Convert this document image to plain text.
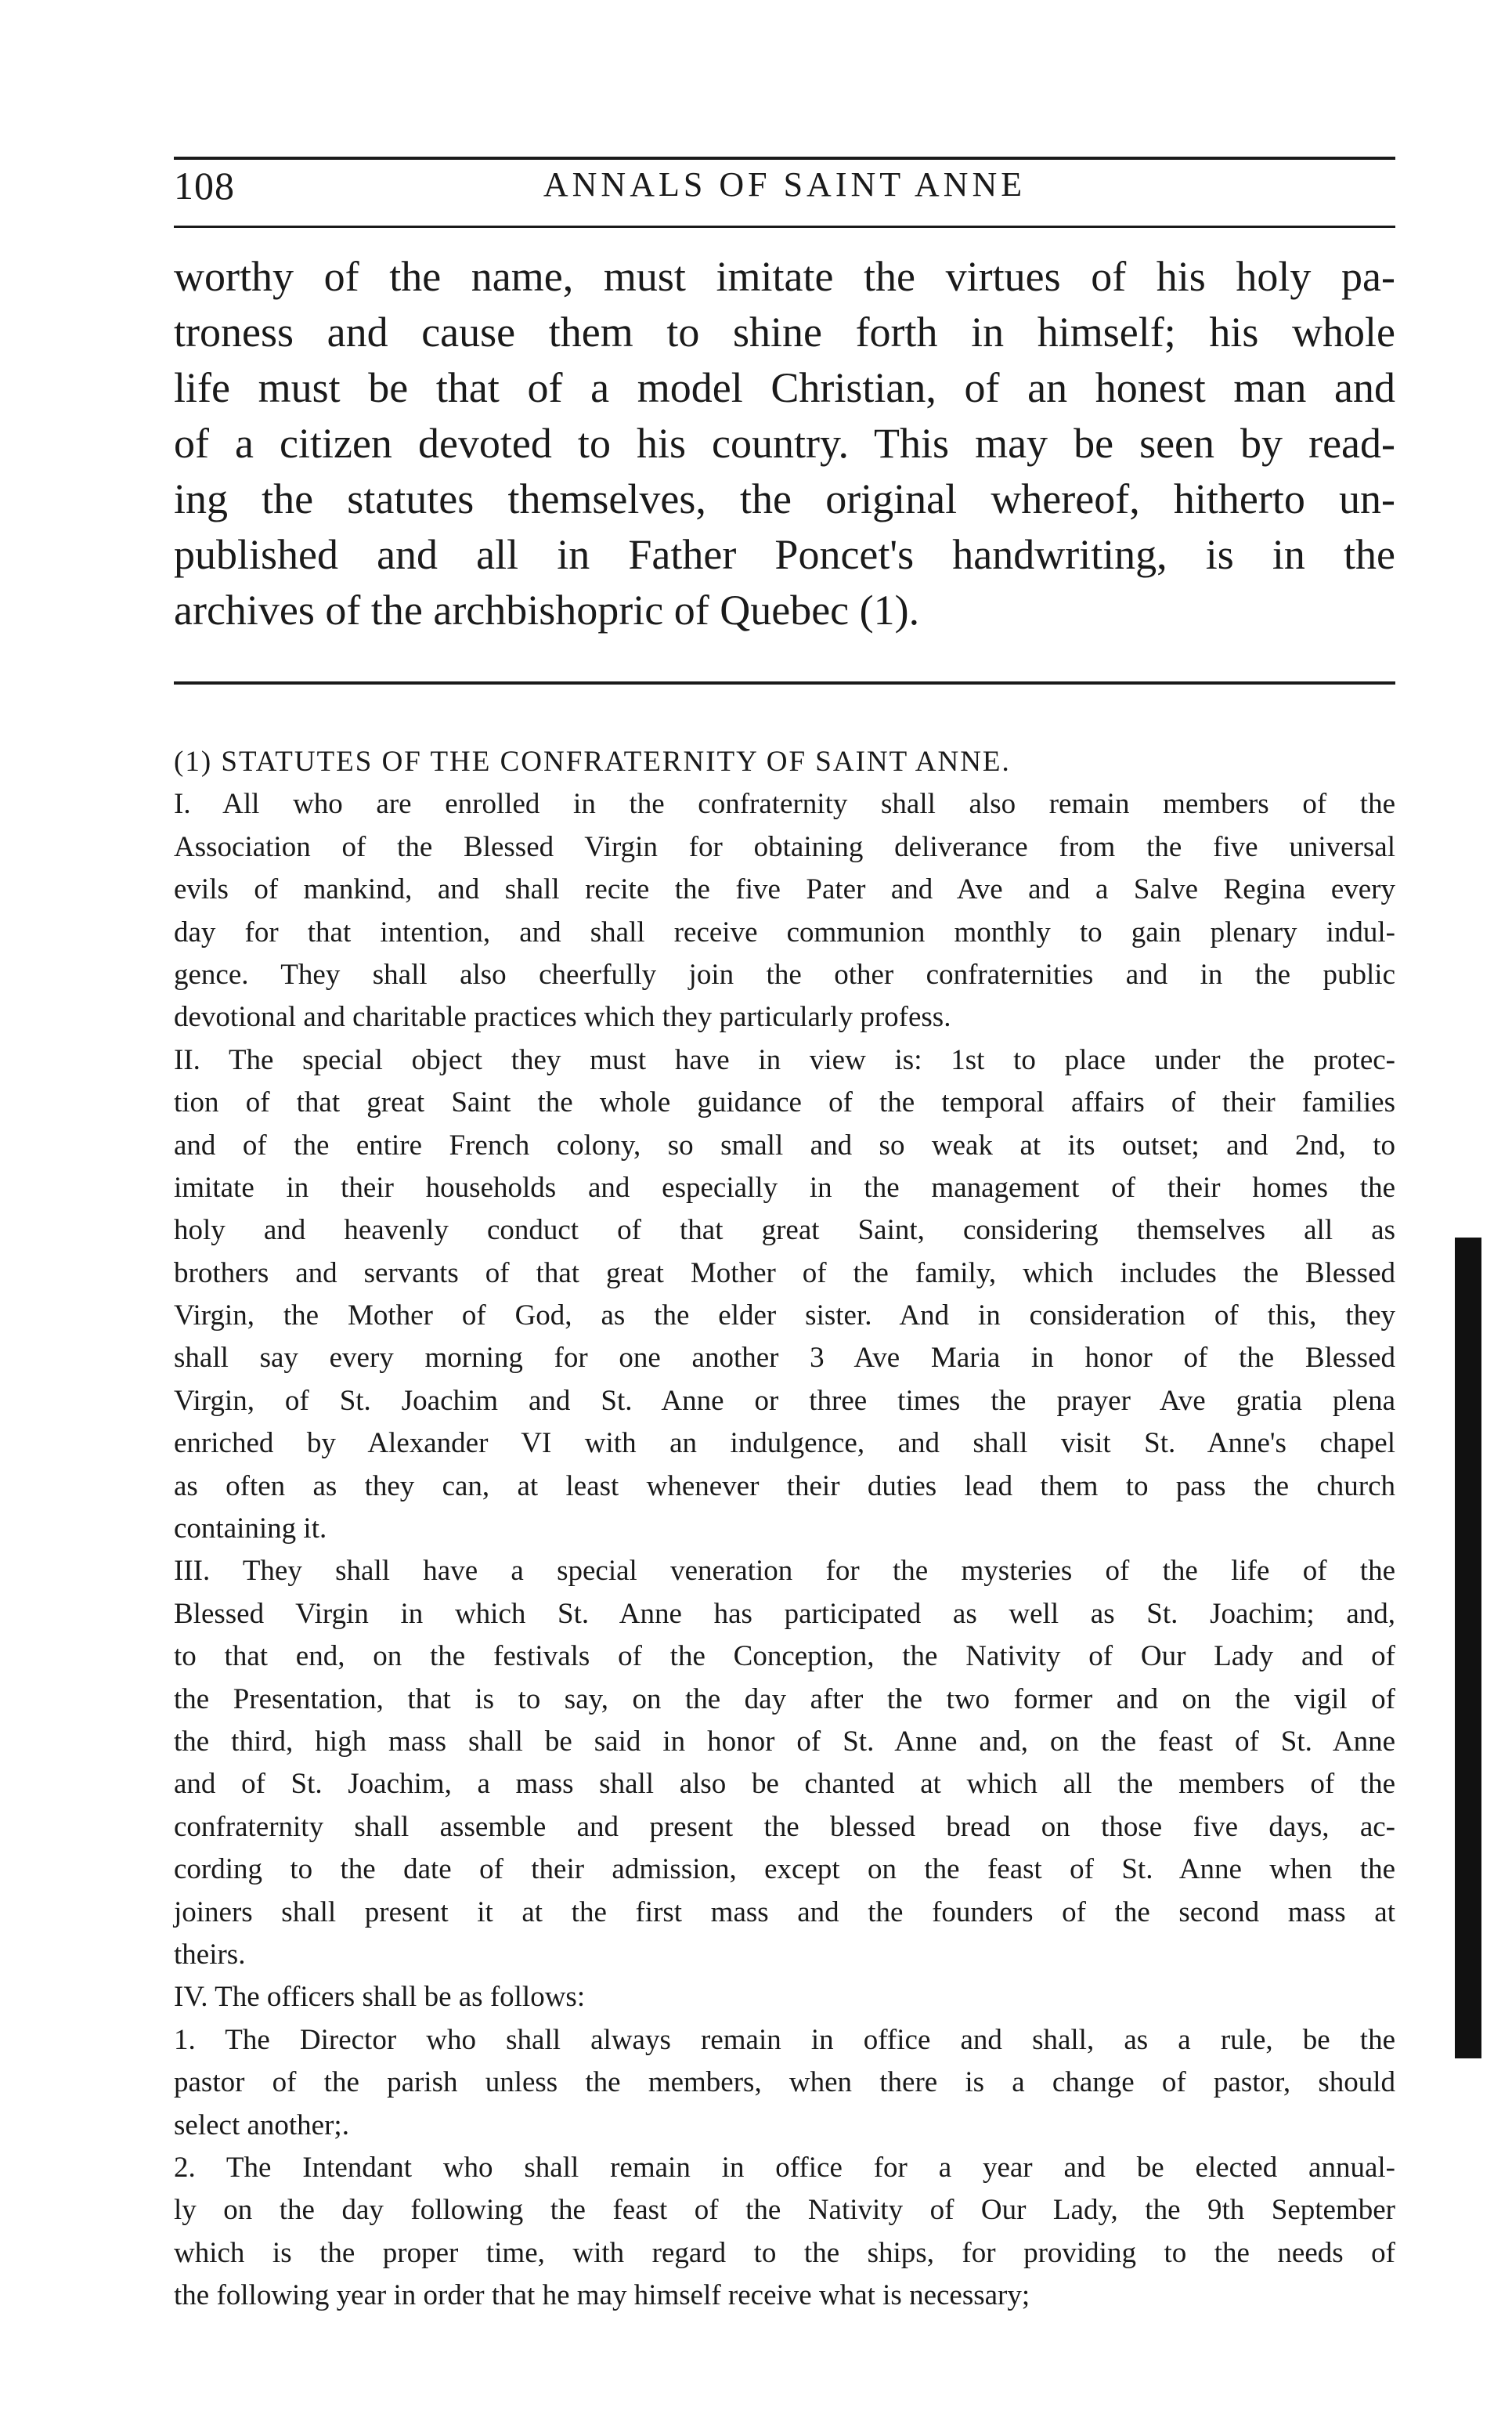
108	ANNALS OF SAINT ANNE
worthy of the name, must imitate the virtues of his holy pa-
troness and cause them to shine forth in himself; his whole
life must be that of a model Christian, of an honest man and
of a citizen devoted to his country. This may be seen by read-
ing the statutes themselves, the original whereof, hitherto un-
published and all in Father Poncet's handwriting, is in the
archives of the archbishopric of Quebec (1).
(1) STATUTES OF THE CONFRATERNITY OF SAINT ANNE.
I. All who are enrolled in the confraternity shall also remain members of the
Association of the Blessed Virgin for obtaining deliverance from the five universal
evils of mankind, and shall recite the five Pater and Ave and a Salve Regina every
day for that intention, and shall receive communion monthly to gain plenary indul-
gence. They shall also cheerfully join the other confraternities and in the public
devotional and charitable practices which they particularly profess.
II. The special object they must have in view is: 1st to place under the protec-
tion of that great Saint the whole guidance of the temporal affairs of their families
and of the entire French colony, so small and so weak at its outset; and 2nd, to
imitate in their households and especially in the management of their homes the
holy and heavenly conduct of that great Saint, considering themselves all as
brothers and servants of that great Mother of the family, which includes the Blessed
Virgin, the Mother of God, as the elder sister. And in consideration of this, they
shall say every morning for one another 3 Ave Maria in honor of the Blessed
Virgin, of St. Joachim and St. Anne or three times the prayer Ave gratia plena
enriched by Alexander VI with an indulgence, and shall visit St. Anne's chapel
as often as they can, at least whenever their duties lead them to pass the church
containing it.
III. They shall have a special veneration for the mysteries of the life of the
Blessed Virgin in which St. Anne has participated as well as St. Joachim; and,
to that end, on the festivals of the Conception, the Nativity of Our Lady and of
the Presentation, that is to say, on the day after the two former and on the vigil of
the third, high mass shall be said in honor of St. Anne and, on the feast of St. Anne
and of St. Joachim, a mass shall also be chanted at which all the members of the
confraternity shall assemble and present the blessed bread on those five days, ac-
cording to the date of their admission, except on the feast of St. Anne when the
joiners shall present it at the first mass and the founders of the second mass at
theirs.
IV. The officers shall be as follows:
1. The Director who shall always remain in office and shall, as a rule, be the
pastor of the parish unless the members, when there is a change of pastor, should
select another;.
2. The Intendant who shall remain in office for a year and be elected annual-
ly on the day following the feast of the Nativity of Our Lady, the 9th September
which is the proper time, with regard to the ships, for providing to the needs of
the following year in order that he may himself receive what is necessary;
